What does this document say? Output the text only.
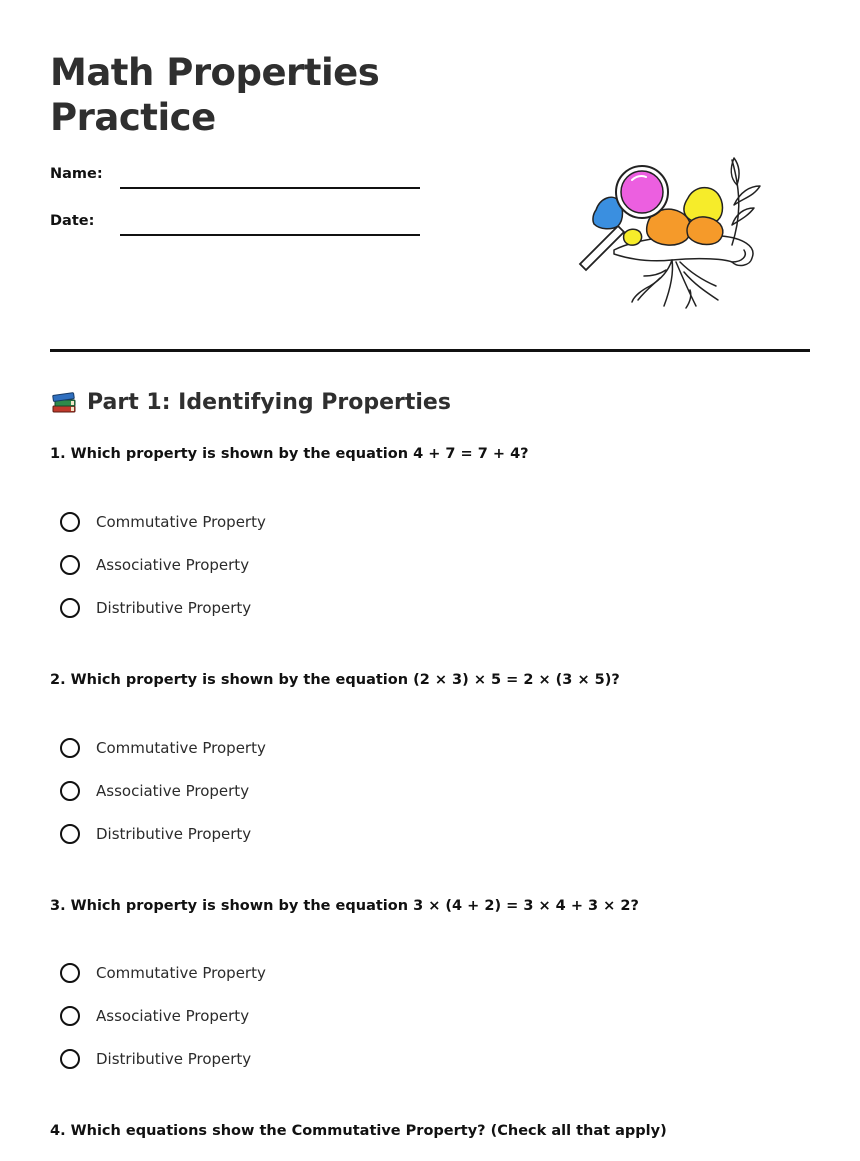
Math Properties
Practice
Name:
Date:
Part 1: Identifying Properties

1. Which property is shown by the equation 4 + 7 = 7 + 4?

Commutative Property
Associative Property
Distributive Property

2. Which property is shown by the equation (2 × 3) × 5 = 2 × (3 × 5)?

Commutative Property
Associative Property
Distributive Property

3. Which property is shown by the equation 3 × (4 + 2) = 3 × 4 + 3 × 2?

Commutative Property
Associative Property
Distributive Property

4. Which equations show the Commutative Property? (Check all that apply)
